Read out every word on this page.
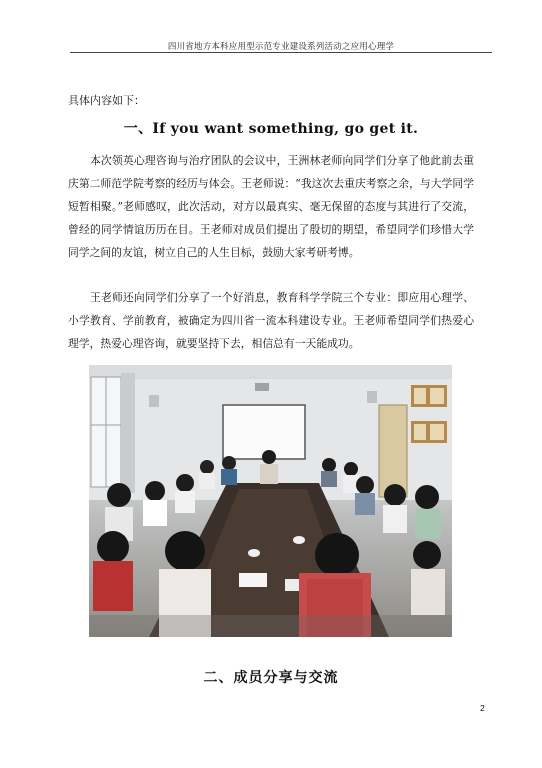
四川省地方本科应用型示范专业建设系列活动之应用心理学
具体内容如下：
一、If you want something, go get it.

本次领英心理咨询与治疗团队的会议中，王洲林老师向同学们分享了他此前去重庆第二师范学院考察的经历与体会。王老师说：“我这次去重庆考察之余，与大学同学短暂相聚。”老师感叹，此次活动，对方以最真实、毫无保留的态度与其进行了交流，曾经的同学情谊历历在目。王老师对成员们提出了殷切的期望，希望同学们珍惜大学同学之间的友谊，树立自己的人生目标，鼓励大家考研考博。

王老师还向同学们分享了一个好消息，教育科学学院三个专业：即应用心理学、小学教育、学前教育，被确定为四川省一流本科建设专业。王老师希望同学们热爱心理学，热爱心理咨询，就要坚持下去，相信总有一天能成功。

二、成员分享与交流
2
